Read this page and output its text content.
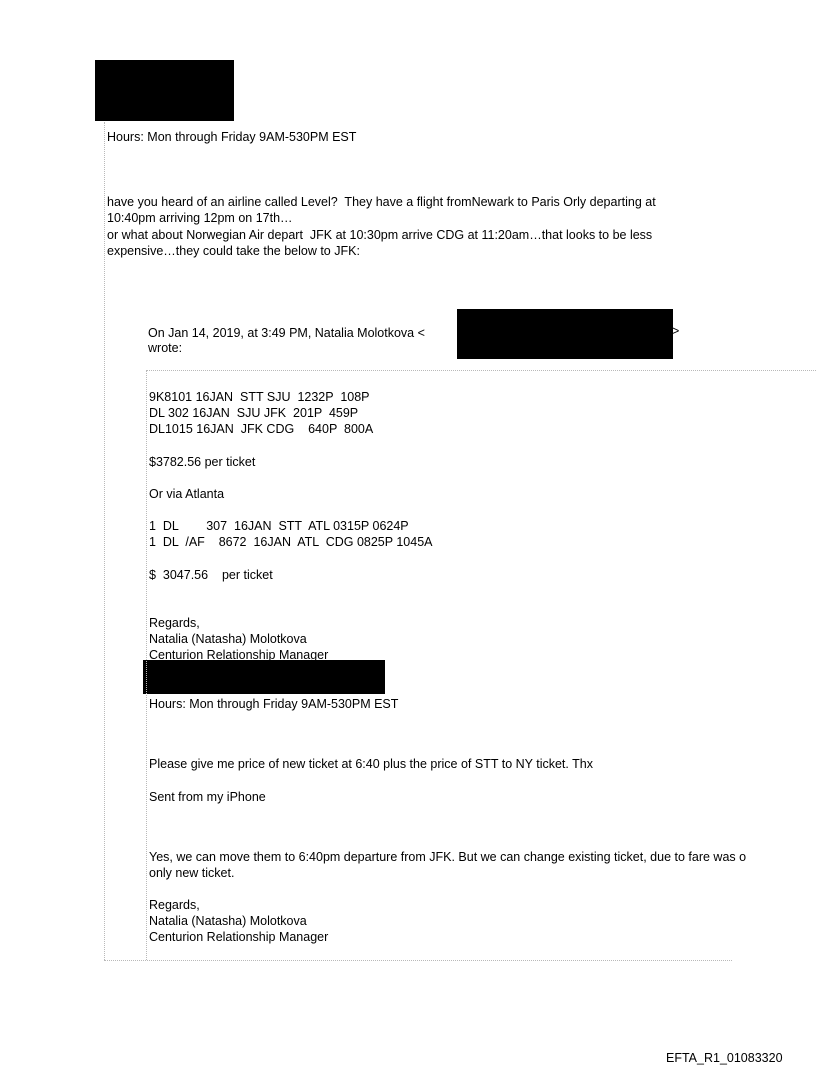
Hours: Mon through Friday 9AM-530PM EST
have you heard of an airline called Level?  They have a flight fromNewark to Paris Orly departing at
10:40pm arriving 12pm on 17th…
or what about Norwegian Air depart  JFK at 10:30pm arrive CDG at 11:20am…that looks to be less
expensive…they could take the below to JFK:
On Jan 14, 2019, at 3:49 PM, Natalia Molotkova <	>
wrote:
9K8101 16JAN  STT SJU  1232P  108P
DL 302 16JAN  SJU JFK  201P  459P
DL1015 16JAN  JFK CDG    640P  800A
$3782.56 per ticket
Or via Atlanta
1  DL        307  16JAN  STT  ATL 0315P 0624P
1  DL  /AF    8672  16JAN  ATL  CDG 0825P 1045A
$  3047.56    per ticket
Regards,
Natalia (Natasha) Molotkova
Centurion Relationship Manager
Hours: Mon through Friday 9AM-530PM EST
Please give me price of new ticket at 6:40 plus the price of STT to NY ticket. Thx
Sent from my iPhone
Yes, we can move them to 6:40pm departure from JFK. But we can change existing ticket, due to fare was o
only new ticket.
Regards,
Natalia (Natasha) Molotkova
Centurion Relationship Manager
EFTA_R1_01083320
